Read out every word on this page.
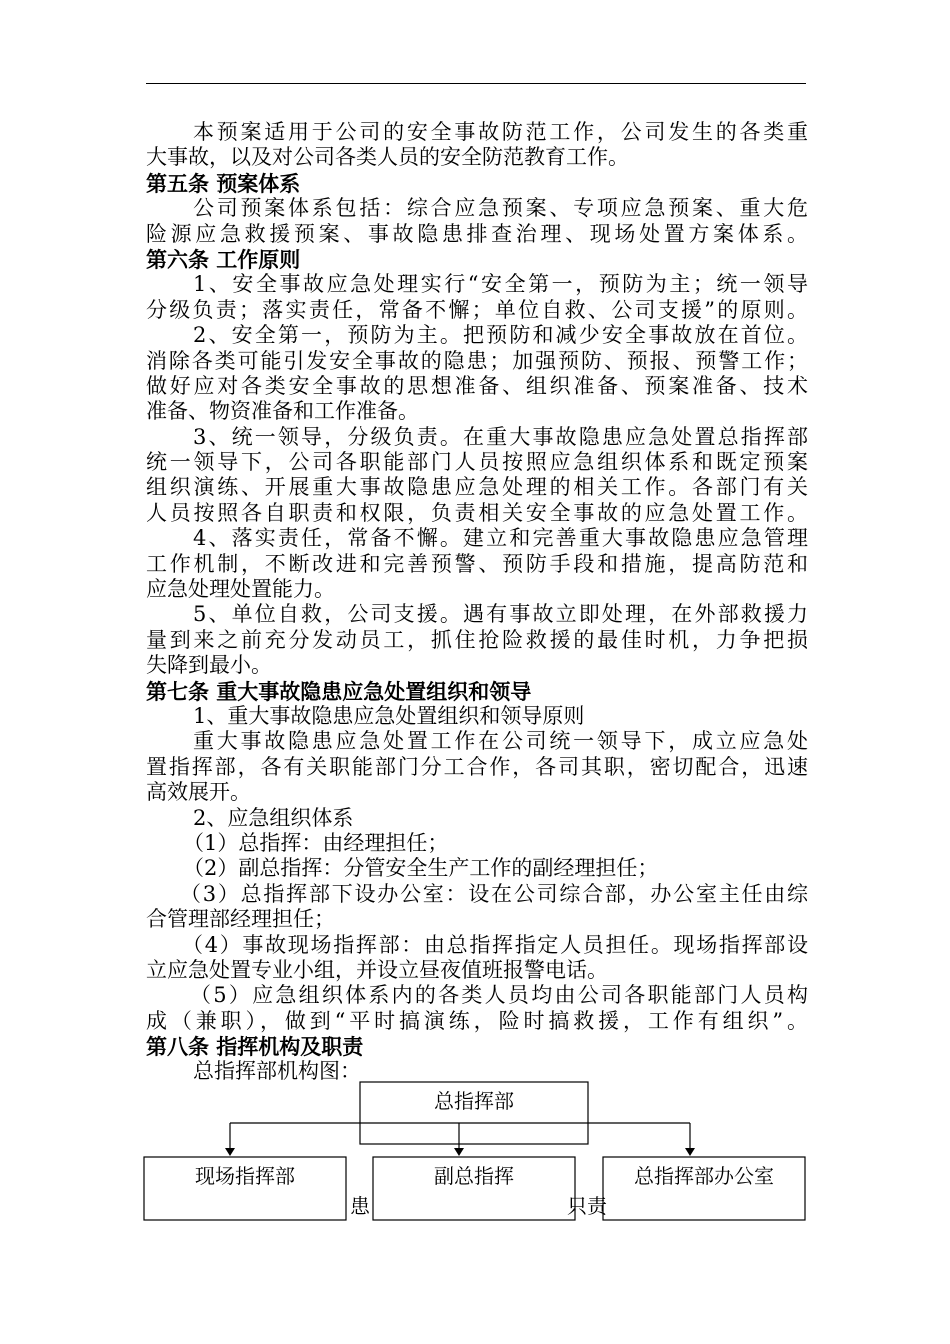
本预案适用于公司的安全事故防范工作，公司发生的各类重
大事故，以及对公司各类人员的安全防范教育工作。
第五条 预案体系
公司预案体系包括：综合应急预案、专项应急预案、重大危
险源应急救援预案、事故隐患排查治理、现场处置方案体系。
第六条 工作原则
1、安全事故应急处理实行“安全第一，预防为主；统一领导
分级负责；落实责任，常备不懈；单位自救、公司支援”的原则。
2、安全第一，预防为主。把预防和减少安全事故放在首位。
消除各类可能引发安全事故的隐患；加强预防、预报、预警工作；
做好应对各类安全事故的思想准备、组织准备、预案准备、技术
准备、物资准备和工作准备。
3、统一领导，分级负责。在重大事故隐患应急处置总指挥部
统一领导下，公司各职能部门人员按照应急组织体系和既定预案
组织演练、开展重大事故隐患应急处理的相关工作。各部门有关
人员按照各自职责和权限，负责相关安全事故的应急处置工作。
4、落实责任，常备不懈。建立和完善重大事故隐患应急管理
工作机制，不断改进和完善预警、预防手段和措施，提高防范和
应急处理处置能力。
5、单位自救，公司支援。遇有事故立即处理，在外部救援力
量到来之前充分发动员工，抓住抢险救援的最佳时机，力争把损
失降到最小。
第七条 重大事故隐患应急处置组织和领导
1、重大事故隐患应急处置组织和领导原则
重大事故隐患应急处置工作在公司统一领导下，成立应急处
置指挥部，各有关职能部门分工合作，各司其职，密切配合，迅速
高效展开。
2、应急组织体系
（1）总指挥：由经理担任；
（2）副总指挥：分管安全生产工作的副经理担任；
（3）总指挥部下设办公室：设在公司综合部，办公室主任由综
合管理部经理担任；
（4）事故现场指挥部：由总指挥指定人员担任。现场指挥部设
立应急处置专业小组，并设立昼夜值班报警电话。
（5）应急组织体系内的各类人员均由公司各职能部门人员构
成（兼职），做到“平时搞演练，险时搞救援，工作有组织”。
第八条 指挥机构及职责
总指挥部机构图：
总指挥部
现场指挥部	副总指挥	总指挥部办公室
患	只责
